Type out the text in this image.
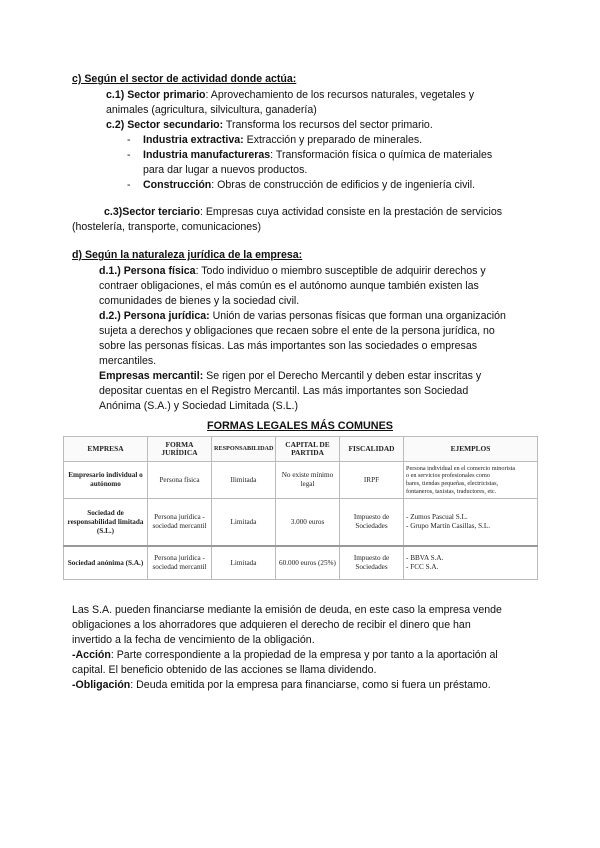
c) Según el sector de actividad donde actúa:
c.1) Sector primario: Aprovechamiento de los recursos naturales, vegetales y
animales (agricultura, silvicultura, ganadería)
c.2) Sector secundario: Transforma los recursos del sector primario.
- Industria extractiva: Extracción y preparado de minerales.
- Industria manufactureras: Transformación física o química de materiales
para dar lugar a nuevos productos.
- Construcción: Obras de construcción de edificios y de ingeniería civil.
c.3)Sector terciario: Empresas cuya actividad consiste en la prestación de servicios
(hostelería, transporte, comunicaciones)
d) Según la naturaleza jurídica de la empresa:
d.1.) Persona física: Todo individuo o miembro susceptible de adquirir derechos y
contraer obligaciones, el más común es el autónomo aunque también existen las
comunidades de bienes y la sociedad civil.
d.2.) Persona jurídica: Unión de varias personas físicas que forman una organización
sujeta a derechos y obligaciones que recaen sobre el ente de la persona jurídica, no
sobre las personas físicas. Las más importantes son las sociedades o empresas
mercantiles.
Empresas mercantil: Se rigen por el Derecho Mercantil y deben estar inscritas y
depositar cuentas en el Registro Mercantil. Las más importantes son Sociedad
Anónima (S.A.) y Sociedad Limitada (S.L.)
FORMAS LEGALES MÁS COMUNES
EMPRESA	FORMA JURÍDICA	RESPONSABILIDAD	CAPITAL DE PARTIDA	FISCALIDAD	EJEMPLOS
Empresario individual o autónomo	Persona física	Ilimitada	No existe mínimo legal	IRPF	Persona individual en el comercio minorista
o en servicios profesionales como
bares, tiendas pequeñas, electricistas,
fontaneros, taxistas, traductores, etc.

Sociedad de responsabilidad limitada (S.L.)	Persona jurídica - sociedad mercantil	Limitada	3.000 euros	Impuesto de Sociedades	- Zumos Pascual S.L.
- Grupo Martín Casillas, S.L.

Sociedad anónima (S.A.)	Persona jurídica - sociedad mercantil	Limitada	60.000 euros (25%)	Impuesto de Sociedades	- BBVA S.A.
- FCC S.A.
Las S.A. pueden financiarse mediante la emisión de deuda, en este caso la empresa vende
obligaciones a los ahorradores que adquieren el derecho de recibir el dinero que han
invertido a la fecha de vencimiento de la obligación.
-Acción: Parte correspondiente a la propiedad de la empresa y por tanto a la aportación al
capital. El beneficio obtenido de las acciones se llama dividendo.
-Obligación: Deuda emitida por la empresa para financiarse, como si fuera un préstamo.
